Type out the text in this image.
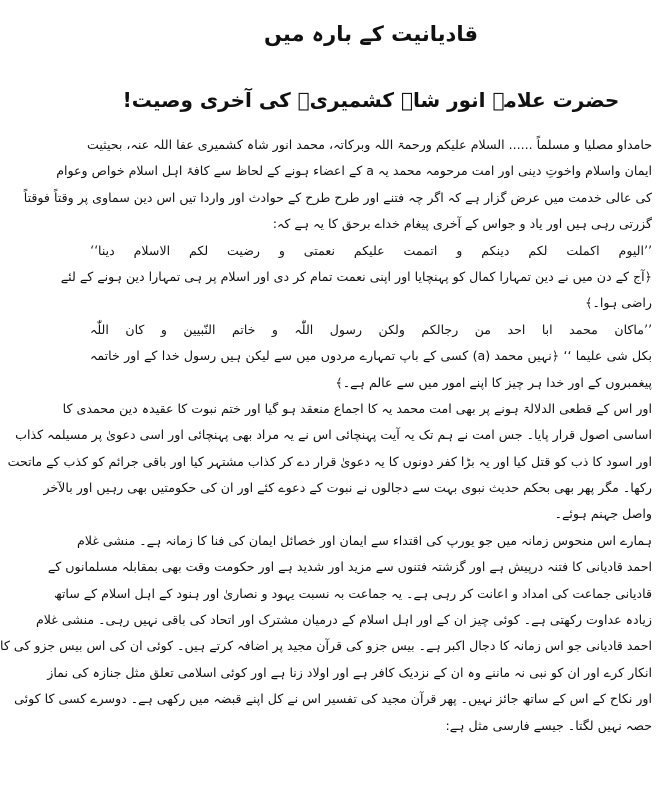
قادیانیت کے بارہ میں
حضرت علامہ انور شاہ کشمیریؒ کی آخری وصیت!
حامداو مصلیا و مسلماً ...... السلام علیکم ورحمۃ اللہ وبرکاتہ، محمد انور شاہ کشمیری عفا اللہ عنہ، بحیثیت
ایمان واسلام واخوتِ دینی اور امت مرحومہ محمد یہ a کے اعضاء ہونے کے لحاظ سے کافۂ اہل اسلام خواص وعوام
کی عالی خدمت میں عرض گزار ہے کہ اگر چہ فتنے اور طرح طرح کے حوادث اور واردا تیں اس دین سماوی پر وقتاً فوقتاً
گزرتی رہی ہیں اور یاد و جواس کے آخری پیغام خداے برحق کا یہ ہے کہ:
’’الیوم اکملت لکم دینکم و اتممت علیکم نعمتی و رضیت لکم الاسلام دینا‘‘
﴿آج کے دن میں نے دین تمہارا کمال کو پہنچایا اور اپنی نعمت تمام کر دی اور اسلام پر ہی تمہارا دین ہونے کے لئے
راضی ہوا۔﴾
’’ماکان محمد ابا احد من رجالکم ولکن رسول اللّٰہ و خاتم النّبیین و کان اللّٰہ
بکل شی علیما ‘‘ ﴿نہیں محمد (a) کسی کے باپ تمہارے مردوں میں سے لیکن ہیں رسول خدا کے اور خاتمہ
پیغمبروں کے اور خدا ہر چیز کا اپنے امور میں سے عالم ہے۔﴾
اور اس کے قطعی الدلالۃ ہونے پر بھی امت محمد یہ کا اجماع منعقد ہو گیا اور ختم نبوت کا عقیدہ دین محمدی کا
اساسی اصول قرار پایا۔ جس امت نے ہم تک یہ آیت پہنچائی اس نے یہ مراد بھی پہنچائی اور اسی دعویٰ پر مسیلمہ کذاب
اور اسود کا ذب کو قتل کیا اور یہ بڑا کفر دونوں کا یہ دعویٰ قرار دے کر کذاب مشتہر کیا اور باقی جرائم کو کذب کے ماتحت
رکھا۔ مگر پھر بھی بحکم حدیث نبوی بہت سے دجالوں نے نبوت کے دعوے کئے اور ان کی حکومتیں بھی رہیں اور بالآخر
واصل جہنم ہوئے۔
ہمارے اس منحوس زمانہ میں جو یورپ کی اقتداء سے ایمان اور خصائل ایمان کی فنا کا زمانہ ہے۔ منشی غلام
احمد قادیانی کا فتنہ درپیش ہے اور گزشتہ فتنوں سے مزید اور شدید ہے اور حکومت وقت بھی بمقابلہ مسلمانوں کے
قادیانی جماعت کی امداد و اعانت کر رہی ہے۔ یہ جماعت بہ نسبت یہود و نصاریٰ اور ہنود کے اہل اسلام کے ساتھ
زیادہ عداوت رکھتی ہے۔ کوئی چیز ان کے اور اہل اسلام کے درمیان مشترک اور اتحاد کی باقی نہیں رہی۔ منشی غلام
احمد قادیانی جو اس زمانہ کا دجال اکبر ہے۔ بیس جزو کی قرآن مجید پر اضافہ کرتے ہیں۔ کوئی ان کی اس بیس جزو کی کا
انکار کرے اور ان کو نبی نہ ماننے وہ ان کے نزدیک کافر ہے اور اولاد زنا ہے اور کوئی اسلامی تعلق مثل جنازہ کی نماز
اور نکاح کے اس کے ساتھ جائز نہیں۔ پھر قرآن مجید کی تفسیر اس نے کل اپنے قبضہ میں رکھی ہے۔ دوسرے کسی کا کوئی
حصہ نہیں لگتا۔ جیسے فارسی مثل ہے:
